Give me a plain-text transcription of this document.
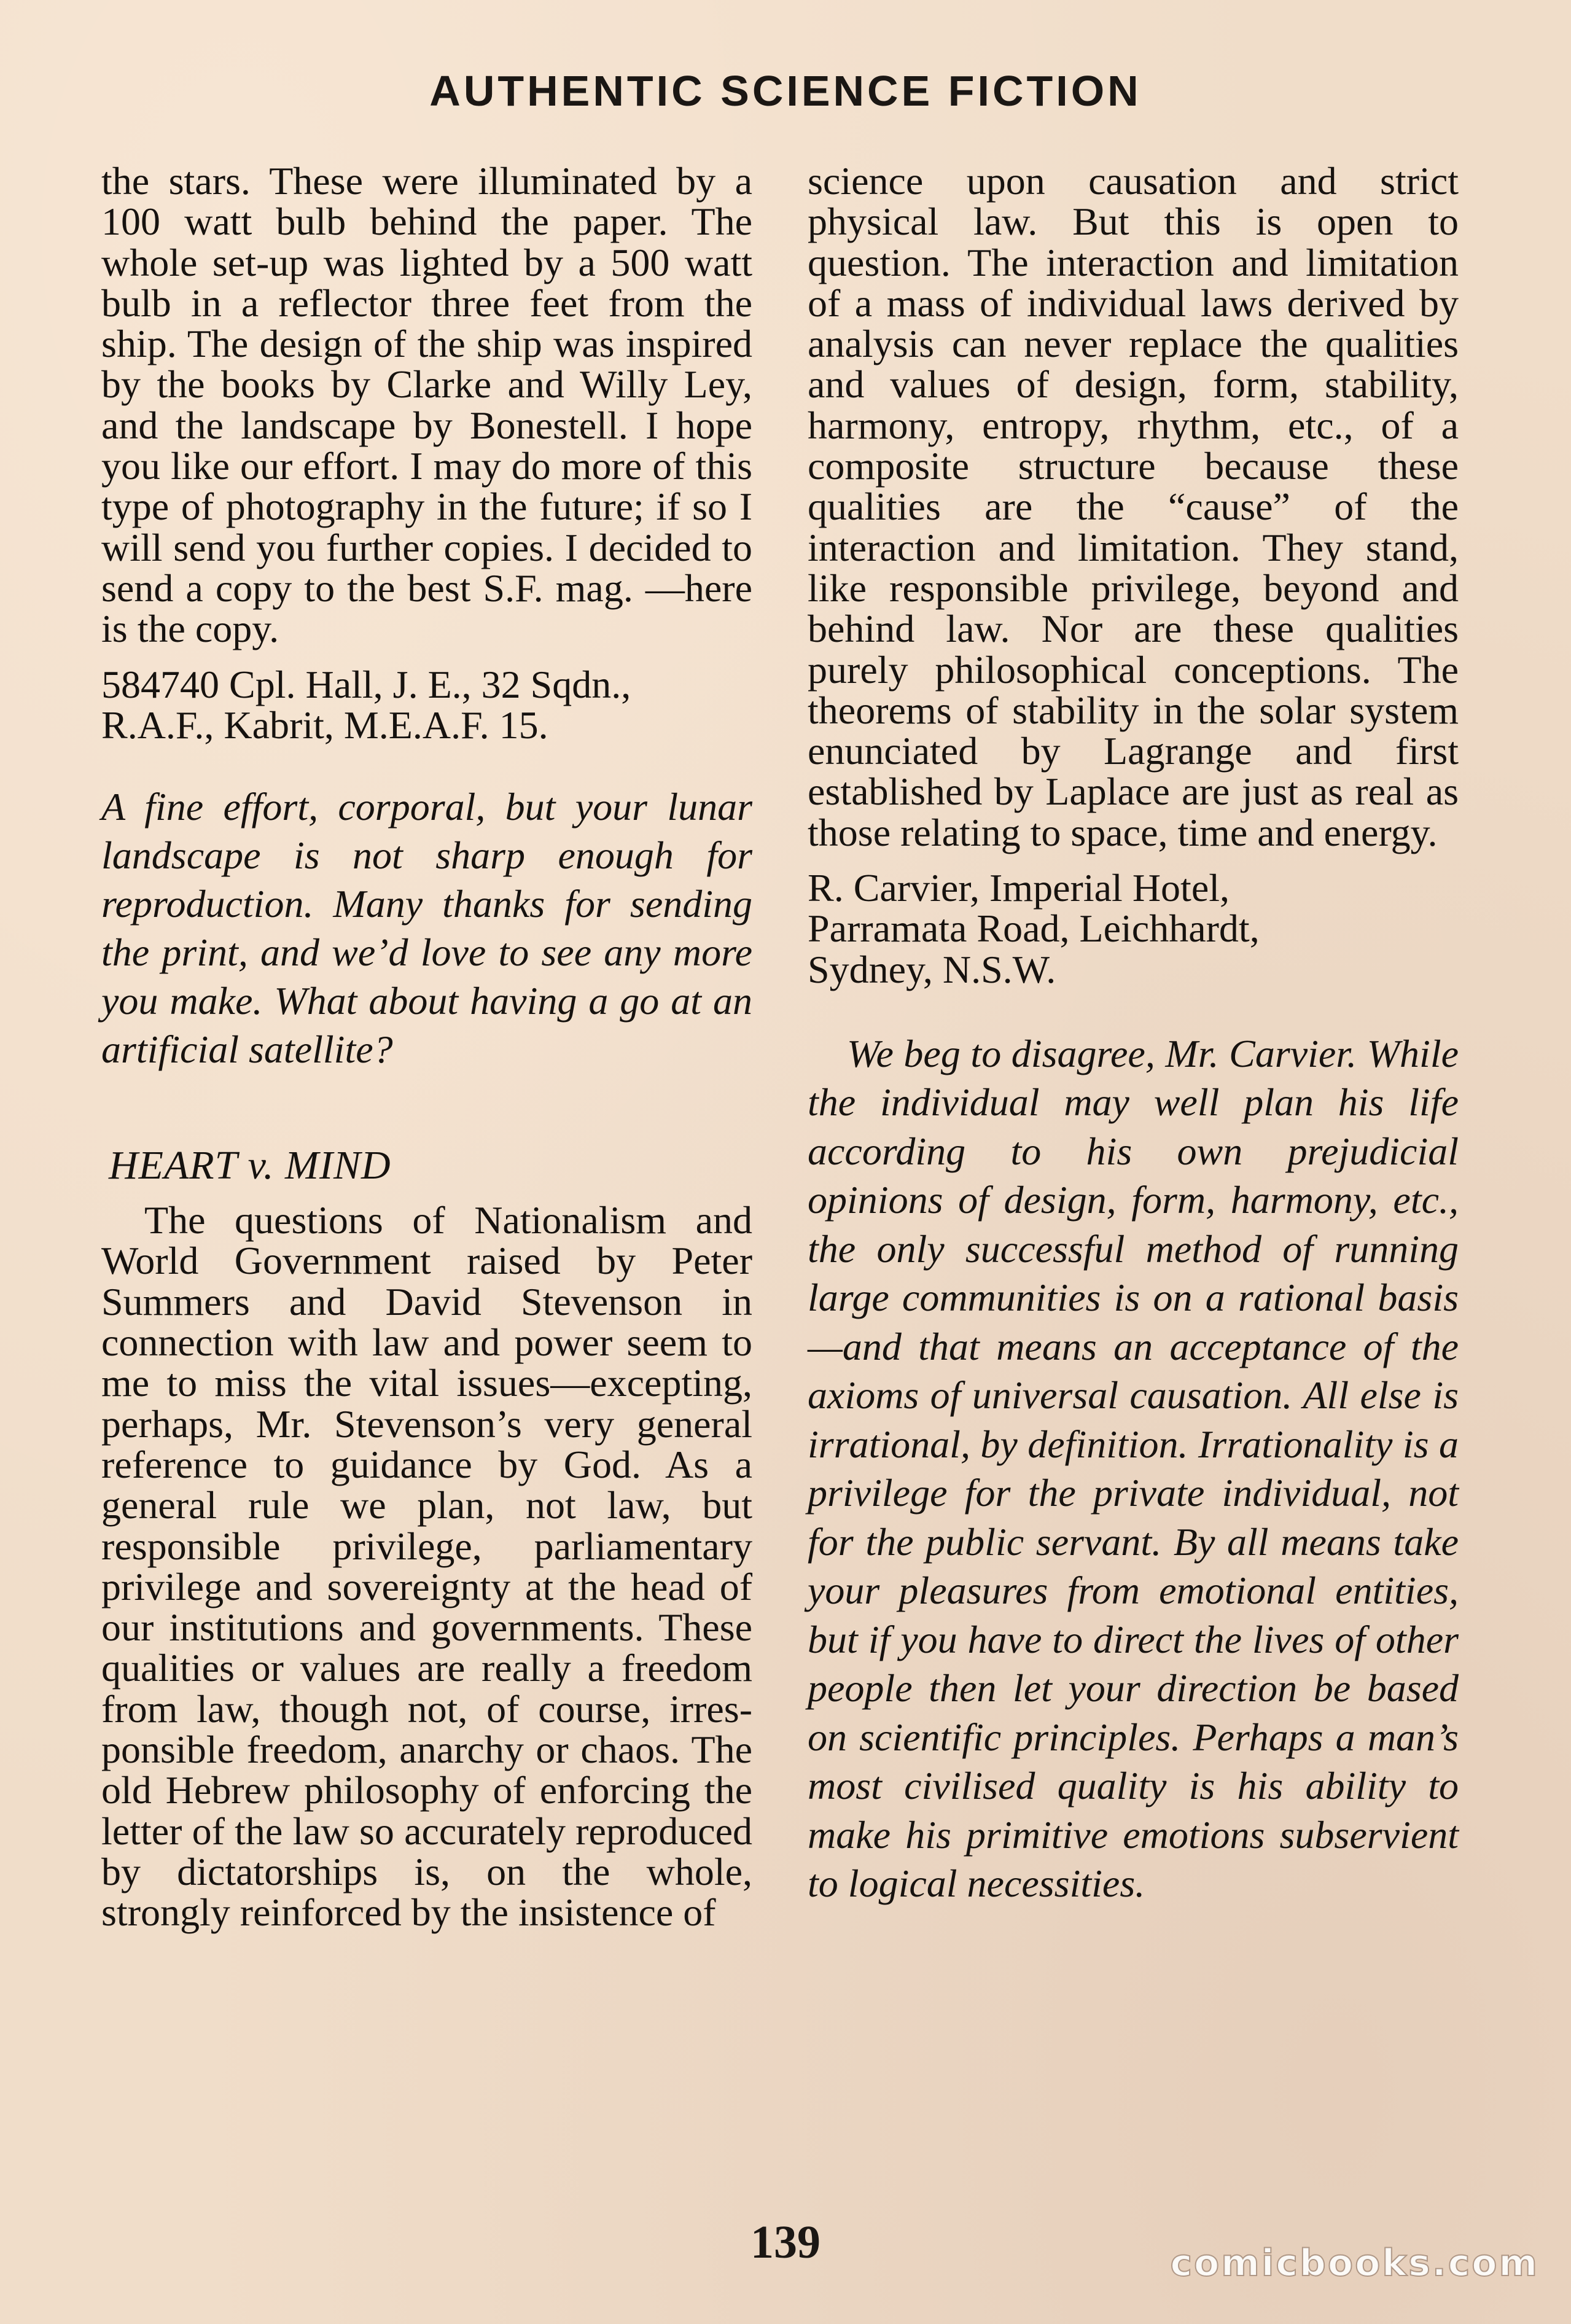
AUTHENTIC SCIENCE FICTION

the stars. These were illuminated by a 100 watt bulb behind the paper. The whole set-up was lighted by a 500 watt bulb in a reflector three feet from the ship. The design of the ship was inspired by the books by Clarke and Willy Ley, and the landscape by Bonestell. I hope you like our effort. I may do more of this type of photography in the future; if so I will send you further copies. I decided to send a copy to the best S.F. mag. —here is the copy.

584740 Cpl. Hall, J. E., 32 Sqdn.,
R.A.F., Kabrit, M.E.A.F. 15.

A fine effort, corporal, but your lunar landscape is not sharp enough for reproduction. Many thanks for sending the print, and we’d love to see any more you make. What about having a go at an artificial satellite?

HEART v. MIND

The questions of Nationalism and World Government raised by Peter Summers and David Stevenson in connection with law and power seem to me to miss the vital issues—excepting, perhaps, Mr. Stevenson’s very general reference to guidance by God. As a general rule we plan, not law, but responsible privilege, parliamentary privilege and sovereignty at the head of our institutions and governments. These qualities or values are really a freedom from law, though not, of course, irresponsible freedom, anarchy or chaos. The old Hebrew philosophy of enforcing the letter of the law so accurately reproduced by dictatorships is, on the whole, strongly reinforced by the insistence of

science upon causation and strict physical law. But this is open to question. The interaction and limitation of a mass of individual laws derived by analysis can never replace the qualities and values of design, form, stability, harmony, entropy, rhythm, etc., of a composite structure because these qualities are the “cause” of the interaction and limitation. They stand, like responsible privilege, beyond and behind law. Nor are these qualities purely philosophical conceptions. The theorems of stability in the solar system enunciated by Lagrange and first established by Laplace are just as real as those relating to space, time and energy.

R. Carvier, Imperial Hotel,
Parramata Road, Leichhardt,
Sydney, N.S.W.

We beg to disagree, Mr. Carvier. While the individual may well plan his life according to his own prejudicial opinions of design, form, harmony, etc., the only successful method of running large communities is on a rational basis—and that means an acceptance of the axioms of universal causation. All else is irrational, by definition. Irrationality is a privilege for the private individual, not for the public servant. By all means take your pleasures from emotional entities, but if you have to direct the lives of other people then let your direction be based on scientific principles. Perhaps a man’s most civilised quality is his ability to make his primitive emotions subservient to logical necessities.

139	comicbooks.com
